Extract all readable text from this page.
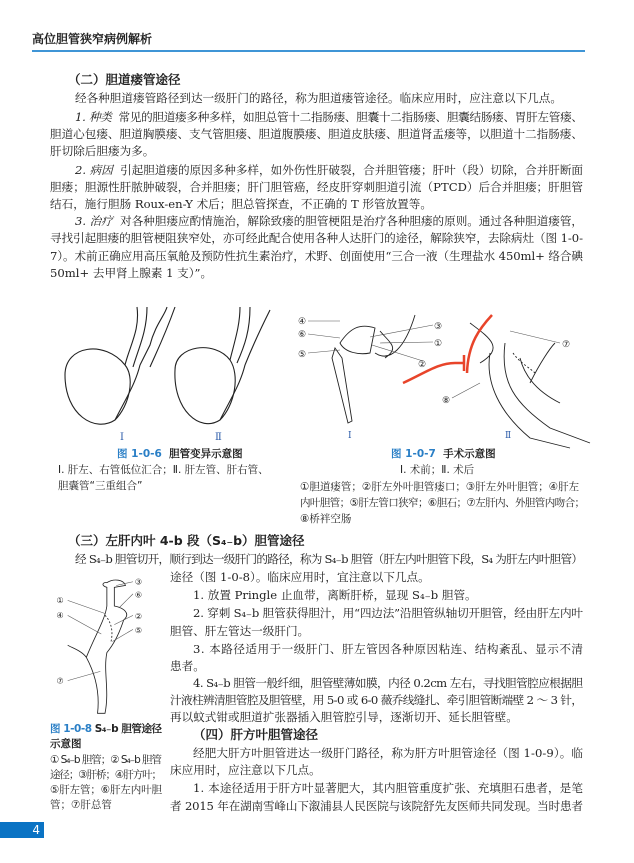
高位胆管狭窄病例解析
（二）胆道瘘管途径
经各种胆道瘘管路径到达一级肝门的路径，称为胆道瘘管途径。临床应用时，应注意以下几点。
1. 种类 常见的胆道瘘多种多样，如胆总管十二指肠瘘、胆囊十二指肠瘘、胆囊结肠瘘、胃肝左管瘘、
胆道心包瘘、胆道胸膜瘘、支气管胆瘘、胆道腹膜瘘、胆道皮肤瘘、胆道肾盂瘘等，以胆道十二指肠瘘、
肝切除后胆瘘为多。
2. 病因 引起胆道瘘的原因多种多样，如外伤性肝破裂，合并胆管瘘；肝叶（段）切除，合并肝断面
胆瘘；胆源性肝脓肿破裂，合并胆瘘；肝门胆管癌，经皮肝穿刺胆道引流（PTCD）后合并胆瘘；肝胆管
结石，施行胆肠 Roux-en-Y 术后；胆总管探查，不正确的 T 形管放置等。
3. 治疗 对各种胆瘘应酌情施治，解除致瘘的胆管梗阻是治疗各种胆瘘的原则。通过各种胆道瘘管，
寻找引起胆瘘的胆管梗阻狭窄处，亦可经此配合使用各种人达肝门的途径，解除狭窄，去除病灶（图 1-0-
7）。术前正确应用高压氧舱及预防性抗生素治疗，术野、创面使用“三合一液（生理盐水 450ml+ 络合碘
50ml+ 去甲肾上腺素 1 支）”。
Ⅰ	Ⅱ
图 1-0-6 胆管变异示意图
Ⅰ. 肝左、右管低位汇合；Ⅱ. 肝左管、肝右管、
胆囊管“三重组合”
④
⑥
⑤
③
①
②
⑦
⑧
Ⅰ	Ⅱ
图 1-0-7 手术示意图
Ⅰ. 术前；Ⅱ. 术后
①胆道瘘管；②肝左外叶胆管瘘口；③肝左外叶胆管；④肝左
内叶胆管；⑤肝左管口狭窄；⑥胆石；⑦左肝内、外胆管内吻合；
⑧桥袢空肠
（三）左肝内叶 4-b 段（S₄₋b）胆管途径
经 S₄₋b 胆管切开，顺行到达一级肝门的路径，称为 S₄₋b 胆管（肝左内叶胆管下段，S₄ 为肝左内叶胆管）
途径（图 1-0-8）。临床应用时，宜注意以下几点。
1. 放置 Pringle 止血带，离断肝桥，显现 S₄₋b 胆管。
2. 穿刺 S₄₋b 胆管获得胆汁，用“四边法”沿胆管纵轴切开胆管，经由肝左内叶
胆管、肝左管达一级肝门。
3. 本路径适用于一级肝门、肝左管因各种原因粘连、结构紊乱、显示不清
患者。
4. S₄₋b 胆管一般纤细，胆管壁薄如膜，内径 0.2cm 左右，寻找胆管腔应根据胆
汁液柱辨清胆管腔及胆管壁，用 5-0 或 6-0 薇乔线缝扎、牵引胆管断端壁 2 ～ 3 针，
再以蚊式钳或胆道扩张器插入胆管腔引导，逐渐切开、延长胆管壁。
③
⑥
②
⑤
①
④
⑦
图 1-0-8 S₄₋b 胆管途径
示意图
① S₄₋b 胆管；② S₄₋b 胆管
途径；③肝桥；④肝方叶；
⑤肝左管；⑥肝左内叶胆
管；⑦肝总管
（四）肝方叶胆管途径
经肥大肝方叶胆管进达一级肝门路径，称为肝方叶胆管途径（图 1-0-9）。临
床应用时，应注意以下几点。
1. 本途径适用于肝方叶显著肥大，其内胆管重度扩张、充填胆石患者，是笔
者 2015 年在湖南雪峰山下溆浦县人民医院与该院舒先友医师共同发现。当时患者
4
